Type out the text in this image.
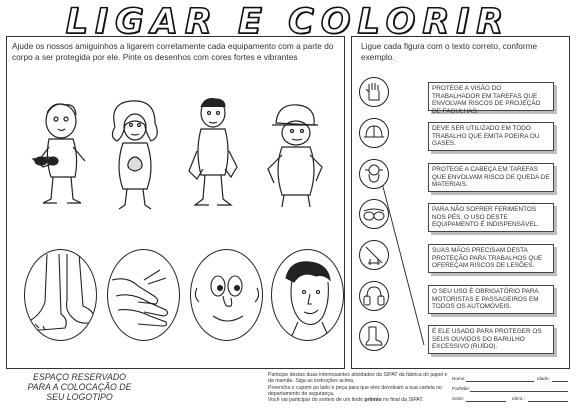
LIGAR E COLORIR
Ajude os nossos amiguinhos a ligarem corretamente cada equipamento com a parte do corpo a ser protegida por ele. Pinte os desenhos com cores fortes e vibrantes
Ligue cada figura com o texto correto, conforme exemplo.
PROTEGE A VISÃO DO TRABALHADOR EM TAREFAS QUE ENVOLVAM RISCOS DE PROJEÇÃO DE FAGULHAS.
DEVE SER UTILIZADO EM TODO TRABALHO QUE EMITA POEIRA OU GASES.
PROTEGE A CABEÇA EM TAREFAS QUE ENVOLVAM RISCO DE QUEDA DE MATERIAIS.
PARA NÃO SOFRER FERIMENTOS NOS PÉS, O USO DESTE EQUIPAMENTO É INDISPENSÁVEL.
SUAS MÃOS PRECISAM DESTA PROTEÇÃO PARA TRABALHOS QUE OFEREÇAM RISCOS DE LESÕES.
O SEU USO É OBRIGATÓRIO PARA MOTORISTAS E PASSAGEIROS EM TODOS OS AUTOMÓVEIS.
É ELE USADO PARA PROTEGER OS SEUS OUVIDOS DO BARULHO EXCESSIVO (RUÍDO).
ESPAÇO RESERVADO PARA A COLOCAÇÃO DE SEU LOGOTIPO
Participe destas duas interessantes atividades da SIPAT da fábrica do papel e da mamãe. Siga as instruções acima.
Preencha o cupom ao lado e peça para que eles devolvam a sua cartela no departamento de segurança.
Você vai participar do sorteio de um lindo prêmio no final da SIPAT.
Nome:	Idade:
Pai/Mãe:
Setor:	Ident.:
